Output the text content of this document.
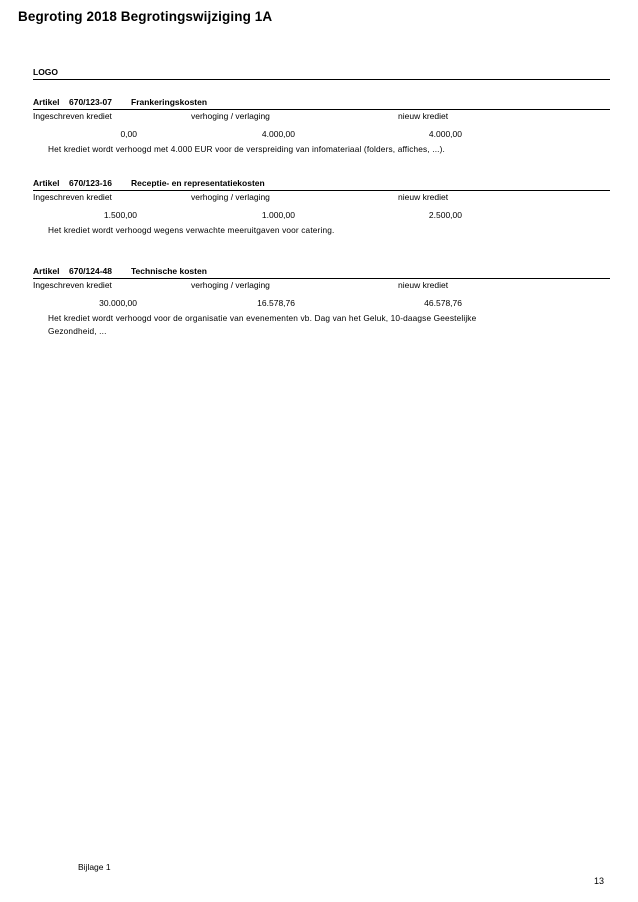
Begroting 2018 Begrotingswijziging 1A
LOGO
Artikel 670/123-07 Frankeringskosten
Ingeschreven krediet	verhoging / verlaging	nieuw krediet
0,00	4.000,00	4.000,00
Het krediet wordt verhoogd met 4.000 EUR voor de verspreiding van infomateriaal (folders, affiches, ...).
Artikel 670/123-16 Receptie- en representatiekosten
Ingeschreven krediet	verhoging / verlaging	nieuw krediet
1.500,00	1.000,00	2.500,00
Het krediet wordt verhoogd wegens verwachte meeruitgaven voor catering.
Artikel 670/124-48 Technische kosten
Ingeschreven krediet	verhoging / verlaging	nieuw krediet
30.000,00	16.578,76	46.578,76
Het krediet wordt verhoogd voor de organisatie van evenementen vb. Dag van het Geluk, 10-daagse Geestelijke Gezondheid, ...
Bijlage 1
13
